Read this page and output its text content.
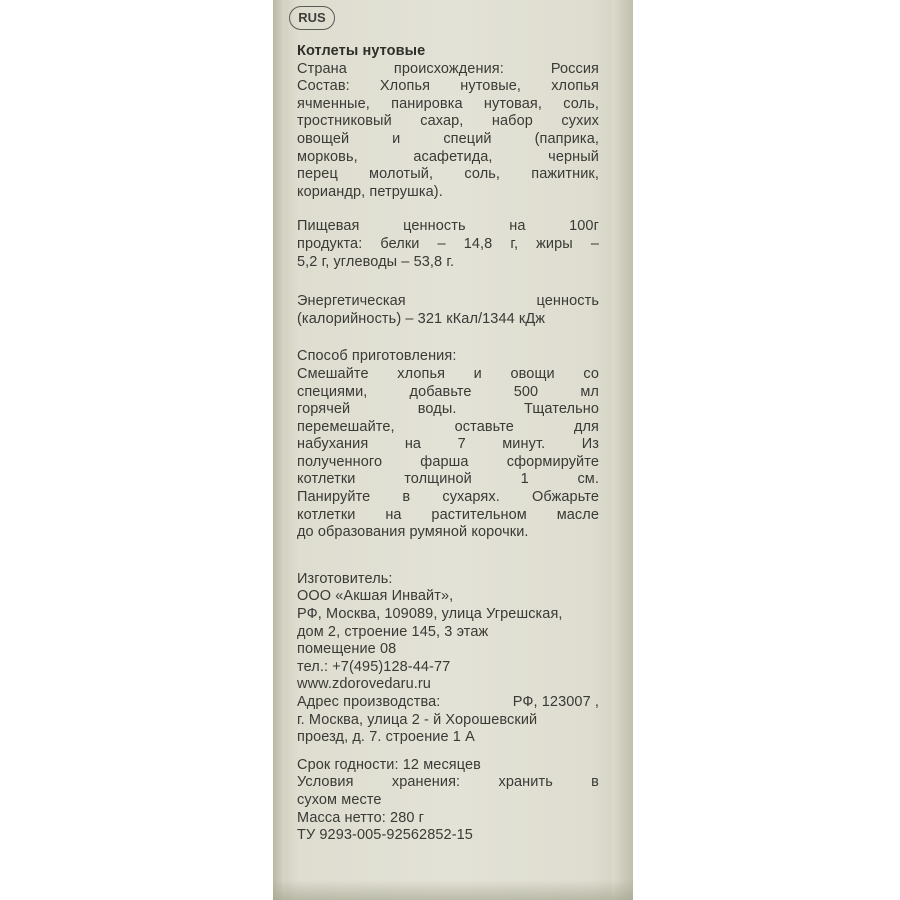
RUS
Котлеты нутовые
Страна происхождения: Россия
Состав: Хлопья нутовые, хлопья
ячменные, панировка нутовая, соль,
тростниковый сахар, набор сухих
овощей и специй (паприка,
морковь, асафетида, черный
перец молотый, соль, пажитник,
кориандр, петрушка).
Пищевая ценность на 100г
продукта: белки – 14,8 г, жиры –
5,2 г, углеводы – 53,8 г.
Энергетическая ценность
(калорийность) – 321 кКал/1344 кДж
Способ приготовления:
Смешайте хлопья и овощи со
специями, добавьте 500 мл
горячей воды. Тщательно
перемешайте, оставьте для
набухания на 7 минут. Из
полученного фарша сформируйте
котлетки толщиной 1 см.
Панируйте в сухарях. Обжарьте
котлетки на растительном масле
до образования румяной корочки.
Изготовитель:
ООО «Акшая Инвайт»,
РФ, Москва, 109089, улица Угрешская,
дом 2, строение 145, 3 этаж
помещение 08
тел.: +7(495)128-44-77
www.zdorovedaru.ru
Адрес производства:	РФ, 123007 ,
г. Москва, улица 2 - й Хорошевский
проезд, д. 7. строение 1 А
Срок годности: 12 месяцев
Условия хранения: хранить в
сухом месте
Масса нетто: 280 г
ТУ 9293-005-92562852-15
